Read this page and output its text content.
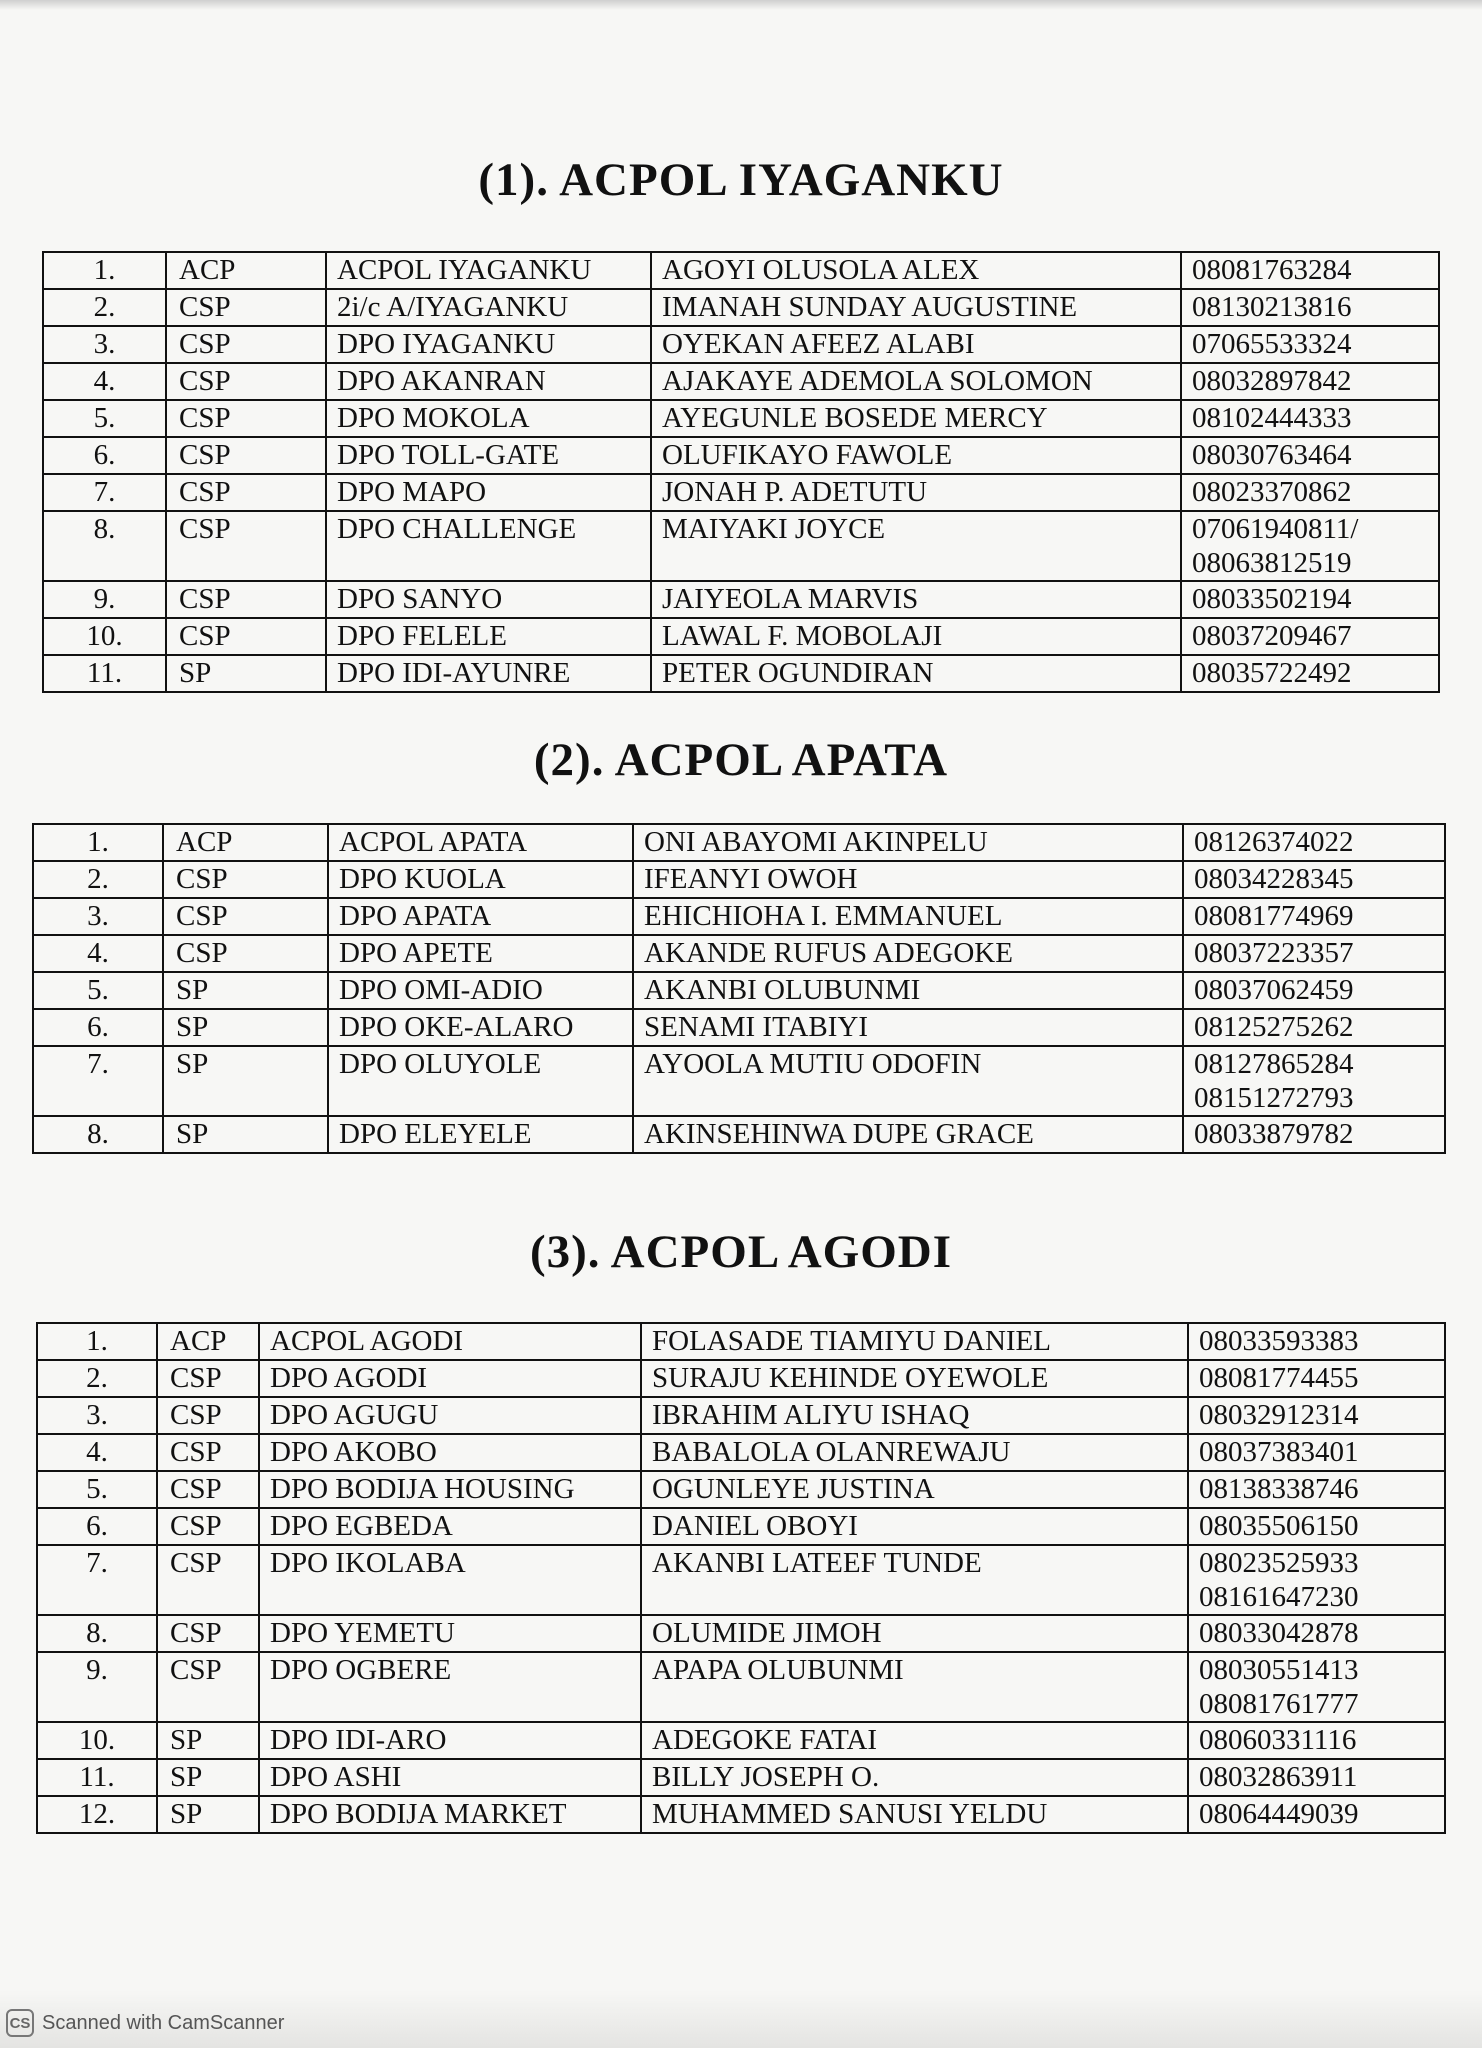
(1). ACPOL IYAGANKU
1.	ACP	ACPOL IYAGANKU	AGOYI OLUSOLA ALEX	08081763284

2.	CSP	2i/c A/IYAGANKU	IMANAH SUNDAY AUGUSTINE	08130213816

3.	CSP	DPO IYAGANKU	OYEKAN AFEEZ ALABI	07065533324

4.	CSP	DPO AKANRAN	AJAKAYE ADEMOLA SOLOMON	08032897842

5.	CSP	DPO MOKOLA	AYEGUNLE BOSEDE MERCY	08102444333

6.	CSP	DPO TOLL-GATE	OLUFIKAYO FAWOLE	08030763464

7.	CSP	DPO MAPO	JONAH P. ADETUTU	08023370862

8.	CSP	DPO CHALLENGE	MAIYAKI JOYCE	07061940811/
08063812519

9.	CSP	DPO SANYO	JAIYEOLA MARVIS	08033502194

10.	CSP	DPO FELELE	LAWAL F. MOBOLAJI	08037209467

11.	SP	DPO IDI-AYUNRE	PETER OGUNDIRAN	08035722492
(2). ACPOL APATA
1.	ACP	ACPOL APATA	ONI ABAYOMI AKINPELU	08126374022

2.	CSP	DPO KUOLA	IFEANYI OWOH	08034228345

3.	CSP	DPO APATA	EHICHIOHA I. EMMANUEL	08081774969

4.	CSP	DPO APETE	AKANDE RUFUS ADEGOKE	08037223357

5.	SP	DPO OMI-ADIO	AKANBI OLUBUNMI	08037062459

6.	SP	DPO OKE-ALARO	SENAMI ITABIYI	08125275262

7.	SP	DPO OLUYOLE	AYOOLA MUTIU ODOFIN	08127865284
08151272793

8.	SP	DPO ELEYELE	AKINSEHINWA DUPE GRACE	08033879782
(3). ACPOL AGODI
1.	ACP	ACPOL AGODI	FOLASADE TIAMIYU DANIEL	08033593383

2.	CSP	DPO AGODI	SURAJU KEHINDE OYEWOLE	08081774455

3.	CSP	DPO AGUGU	IBRAHIM ALIYU ISHAQ	08032912314

4.	CSP	DPO AKOBO	BABALOLA OLANREWAJU	08037383401

5.	CSP	DPO BODIJA HOUSING	OGUNLEYE JUSTINA	08138338746

6.	CSP	DPO EGBEDA	DANIEL OBOYI	08035506150

7.	CSP	DPO IKOLABA	AKANBI LATEEF TUNDE	08023525933
08161647230

8.	CSP	DPO YEMETU	OLUMIDE JIMOH	08033042878

9.	CSP	DPO OGBERE	APAPA OLUBUNMI	08030551413
08081761777

10.	SP	DPO IDI-ARO	ADEGOKE FATAI	08060331116

11.	SP	DPO ASHI	BILLY JOSEPH O.	08032863911

12.	SP	DPO BODIJA MARKET	MUHAMMED SANUSI YELDU	08064449039
CS Scanned with CamScanner
